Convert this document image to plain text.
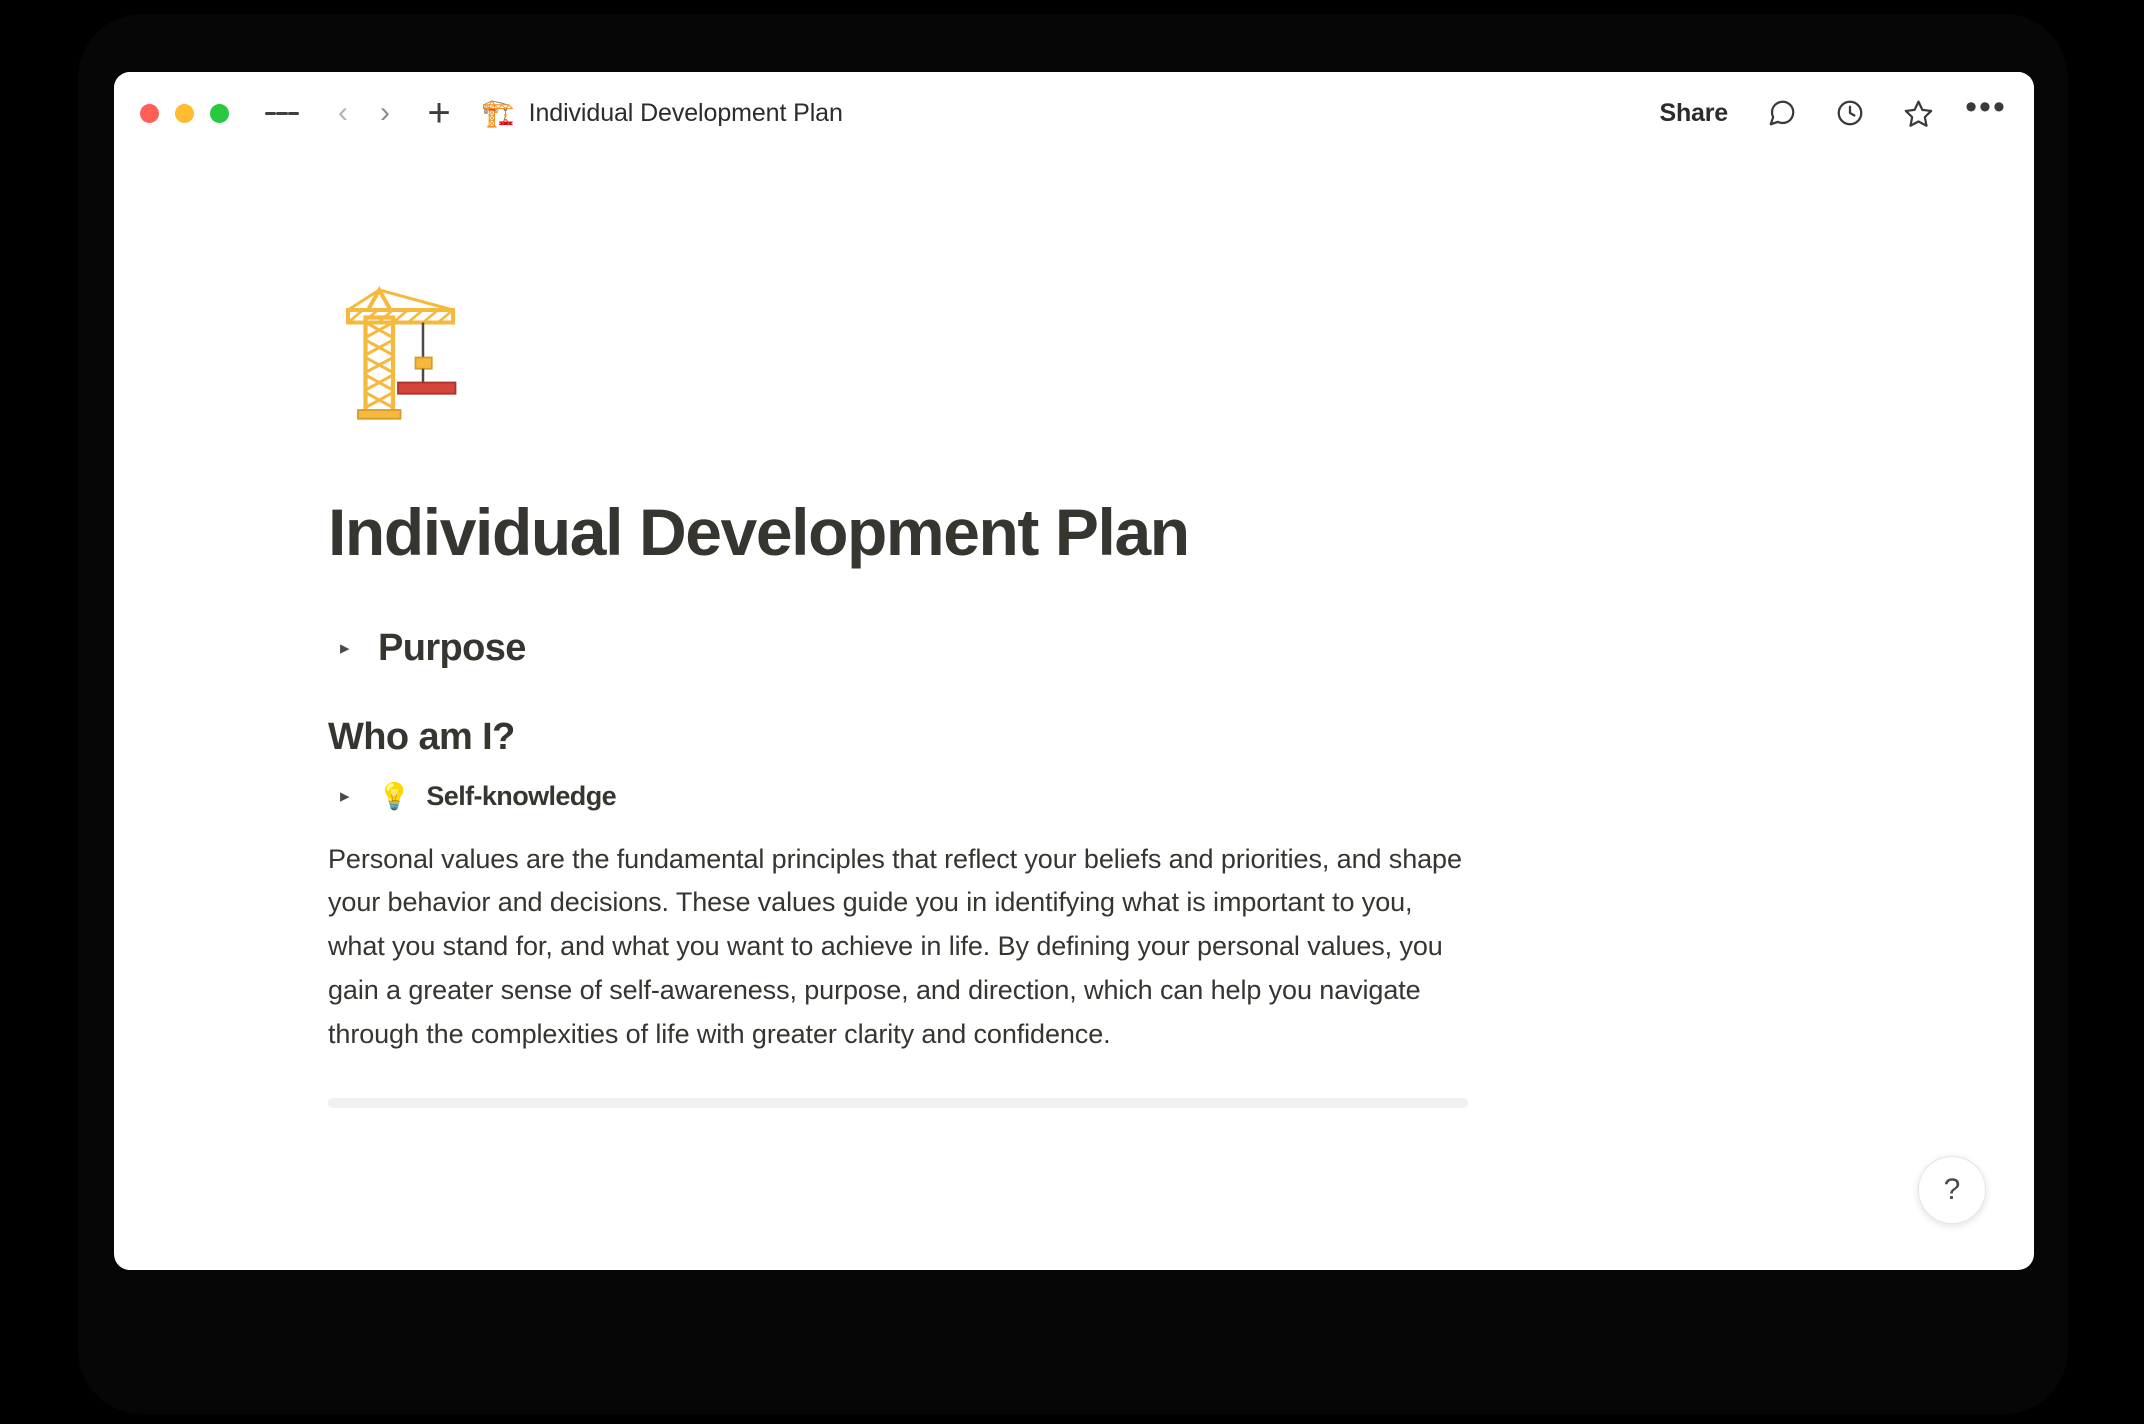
‹	› + 🏗️ Individual Development Plan	Share	•••
Individual Development Plan
▸ Purpose
Who am I?
▸	💡 Self-knowledge

Personal values are the fundamental principles that reflect your beliefs and priorities, and shape your behavior and decisions. These values guide you in identifying what is important to you, what you stand for, and what you want to achieve in life. By defining your personal values, you gain a greater sense of self-awareness, purpose, and direction, which can help you navigate through the complexities of life with greater clarity and confidence.

?
